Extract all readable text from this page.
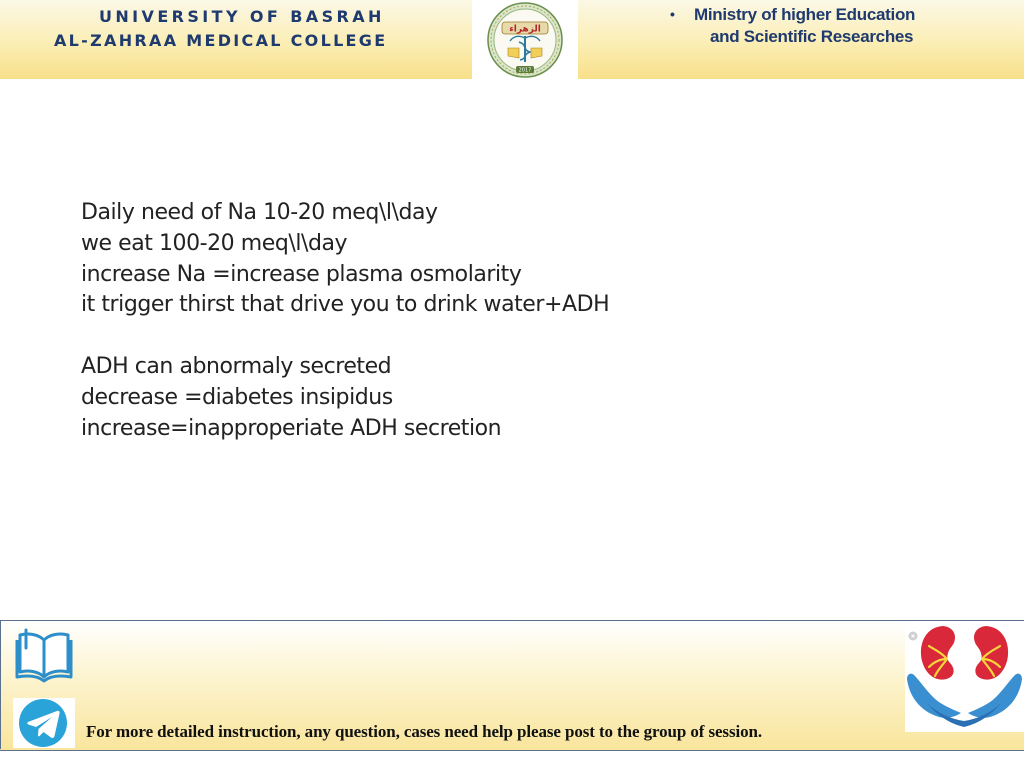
UNIVERSITY OF BASRAH
AL-ZAHRAA MEDICAL COLLEGE
الزهراء
2017
• Ministry of higher Education
and Scientific Researches
Daily need of Na 10-20 meq\l\day
we eat 100-20 meq\l\day
increase Na =increase plasma osmolarity
it trigger thirst that drive you to drink water+ADH
ADH can abnormaly secreted
decrease =diabetes insipidus
increase=inapproperiate ADH secretion
For more detailed instruction, any question, cases need help please post to the group of session.
